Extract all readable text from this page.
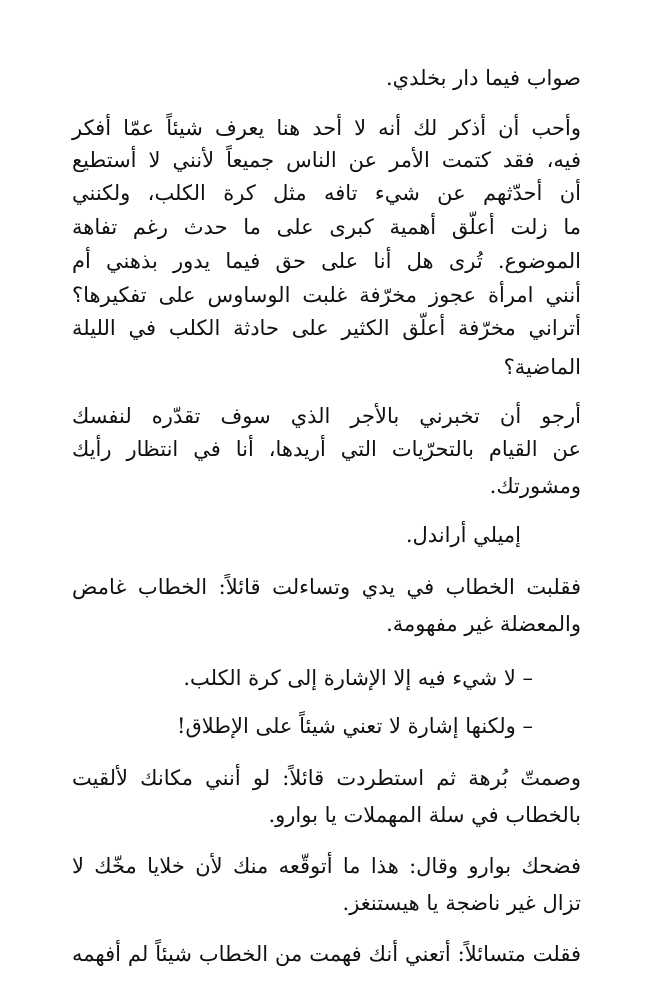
صواب فيما دار بخلدي.
وأحب أن أذكر لك أنه لا أحد هنا يعرف شيئاً عمّا أفكر
فيه، فقد كتمت الأمر عن الناس جميعاً لأنني لا أستطيع
أن أحدّثهم عن شيء تافه مثل كرة الكلب، ولكنني
ما زلت أعلّق أهمية كبرى على ما حدث رغم تفاهة
الموضوع. تُرى هل أنا على حق فيما يدور بذهني أم
أنني امرأة عجوز مخرّفة غلبت الوساوس على تفكيرها؟
أتراني مخرّفة أعلّق الكثير على حادثة الكلب في الليلة
الماضية؟
أرجو أن تخبرني بالأجر الذي سوف تقدّره لنفسك
عن القيام بالتحرّيات التي أريدها، أنا في انتظار رأيك
ومشورتك.
إميلي أراندل.
فقلبت الخطاب في يدي وتساءلت قائلاً: الخطاب غامض
والمعضلة غير مفهومة.
– لا شيء فيه إلا الإشارة إلى كرة الكلب.
– ولكنها إشارة لا تعني شيئاً على الإطلاق!
وصمتّ بُرهة ثم استطردت قائلاً: لو أنني مكانك لألقيت
بالخطاب في سلة المهملات يا بوارو.
فضحك بوارو وقال: هذا ما أتوقّعه منك لأن خلايا مخّك لا
تزال غير ناضجة يا هيستنغز.
فقلت متسائلاً: أتعني أنك فهمت من الخطاب شيئاً لم أفهمه
